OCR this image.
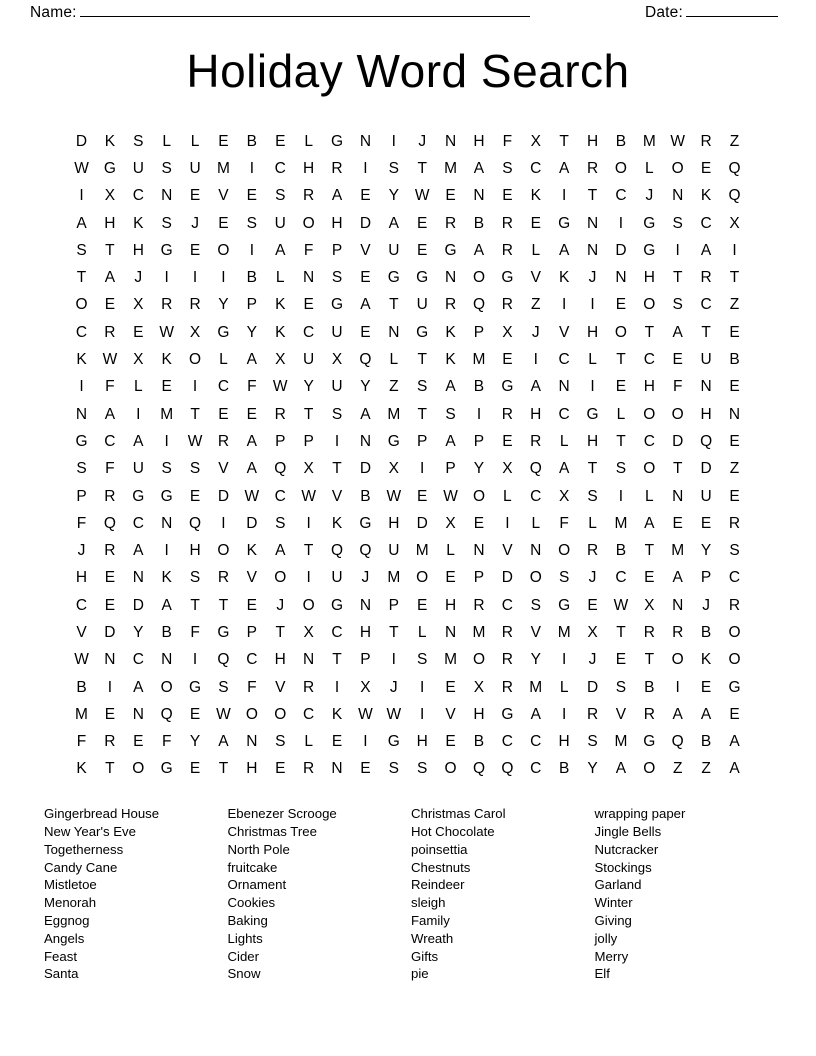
Name:	Date:
Holiday Word Search
D	K	S	L	L	E	B	E	L	G	N	I	J	N	H	F	X	T	H	B	M	W	R	Z
W	G	U	S	U	M	I	C	H	R	I	S	T	M	A	S	C	A	R	O	L	O	E	Q
I	X	C	N	E	V	E	S	R	A	E	Y	W	E	N	E	K	I	T	C	J	N	K	Q
A	H	K	S	J	E	S	U	O	H	D	A	E	R	B	R	E	G	N	I	G	S	C	X
S	T	H	G	E	O	I	A	F	P	V	U	E	G	A	R	L	A	N	D	G	I	A	I
T	A	J	I	I	I	B	L	N	S	E	G	G	N	O	G	V	K	J	N	H	T	R	T
O	E	X	R	R	Y	P	K	E	G	A	T	U	R	Q	R	Z	I	I	E	O	S	C	Z
C	R	E	W	X	G	Y	K	C	U	E	N	G	K	P	X	J	V	H	O	T	A	T	E
K	W	X	K	O	L	A	X	U	X	Q	L	T	K	M	E	I	C	L	T	C	E	U	B
I	F	L	E	I	C	F	W	Y	U	Y	Z	S	A	B	G	A	N	I	E	H	F	N	E
N	A	I	M	T	E	E	R	T	S	A	M	T	S	I	R	H	C	G	L	O	O	H	N
G	C	A	I	W	R	A	P	P	I	N	G	P	A	P	E	R	L	H	T	C	D	Q	E
S	F	U	S	S	V	A	Q	X	T	D	X	I	P	Y	X	Q	A	T	S	O	T	D	Z
P	R	G	G	E	D	W	C	W	V	B	W	E	W	O	L	C	X	S	I	L	N	U	E
F	Q	C	N	Q	I	D	S	I	K	G	H	D	X	E	I	L	F	L	M	A	E	E	R
J	R	A	I	H	O	K	A	T	Q	Q	U	M	L	N	V	N	O	R	B	T	M	Y	S
H	E	N	K	S	R	V	O	I	U	J	M	O	E	P	D	O	S	J	C	E	A	P	C
C	E	D	A	T	T	E	J	O	G	N	P	E	H	R	C	S	G	E	W	X	N	J	R
V	D	Y	B	F	G	P	T	X	C	H	T	L	N	M	R	V	M	X	T	R	R	B	O
W	N	C	N	I	Q	C	H	N	T	P	I	S	M	O	R	Y	I	J	E	T	O	K	O
B	I	A	O	G	S	F	V	R	I	X	J	I	E	X	R	M	L	D	S	B	I	E	G
M	E	N	Q	E	W	O	O	C	K	W	W	I	V	H	G	A	I	R	V	R	A	A	E
F	R	E	F	Y	A	N	S	L	E	I	G	H	E	B	C	C	H	S	M	G	Q	B	A
K	T	O	G	E	T	H	E	R	N	E	S	S	O	Q	Q	C	B	Y	A	O	Z	Z	A
Gingerbread House
New Year's Eve
Togetherness
Candy Cane
Mistletoe
Menorah
Eggnog
Angels
Feast
Santa
Ebenezer Scrooge
Christmas Tree
North Pole
fruitcake
Ornament
Cookies
Baking
Lights
Cider
Snow
Christmas Carol
Hot Chocolate
poinsettia
Chestnuts
Reindeer
sleigh
Family
Wreath
Gifts
pie
wrapping paper
Jingle Bells
Nutcracker
Stockings
Garland
Winter
Giving
jolly
Merry
Elf
